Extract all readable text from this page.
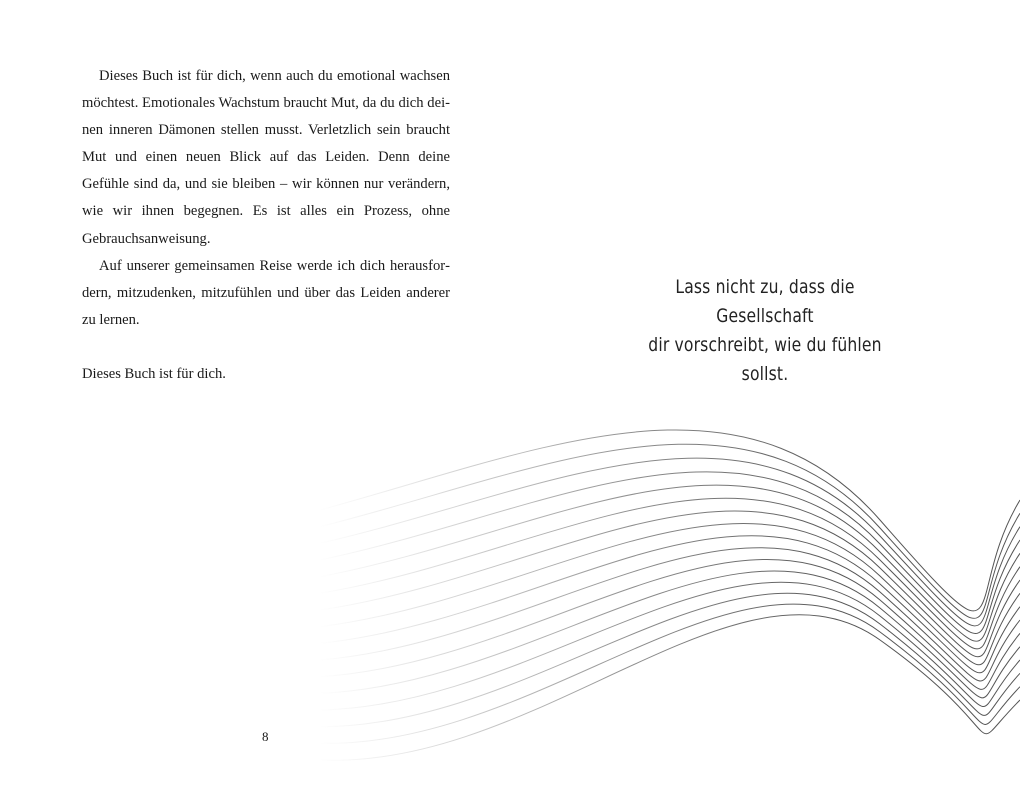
Dieses Buch ist für dich, wenn auch du emotional wachsen möchtest. Emotionales Wachstum braucht Mut, da du dich deinen inneren Dämonen stellen musst. Verletzlich sein braucht Mut und einen neuen Blick auf das Leiden. Denn deine Gefühle sind da, und sie bleiben – wir können nur verändern, wie wir ihnen begegnen. Es ist alles ein Prozess, ohne Gebrauchsanweisung.

Auf unserer gemeinsamen Reise werde ich dich herausfordern, mitzudenken, mitzufühlen und über das Leiden anderer zu lernen.

Dieses Buch ist für dich.

8
Lass nicht zu, dass die Gesellschaft
dir vorschreibt, wie du fühlen sollst.
